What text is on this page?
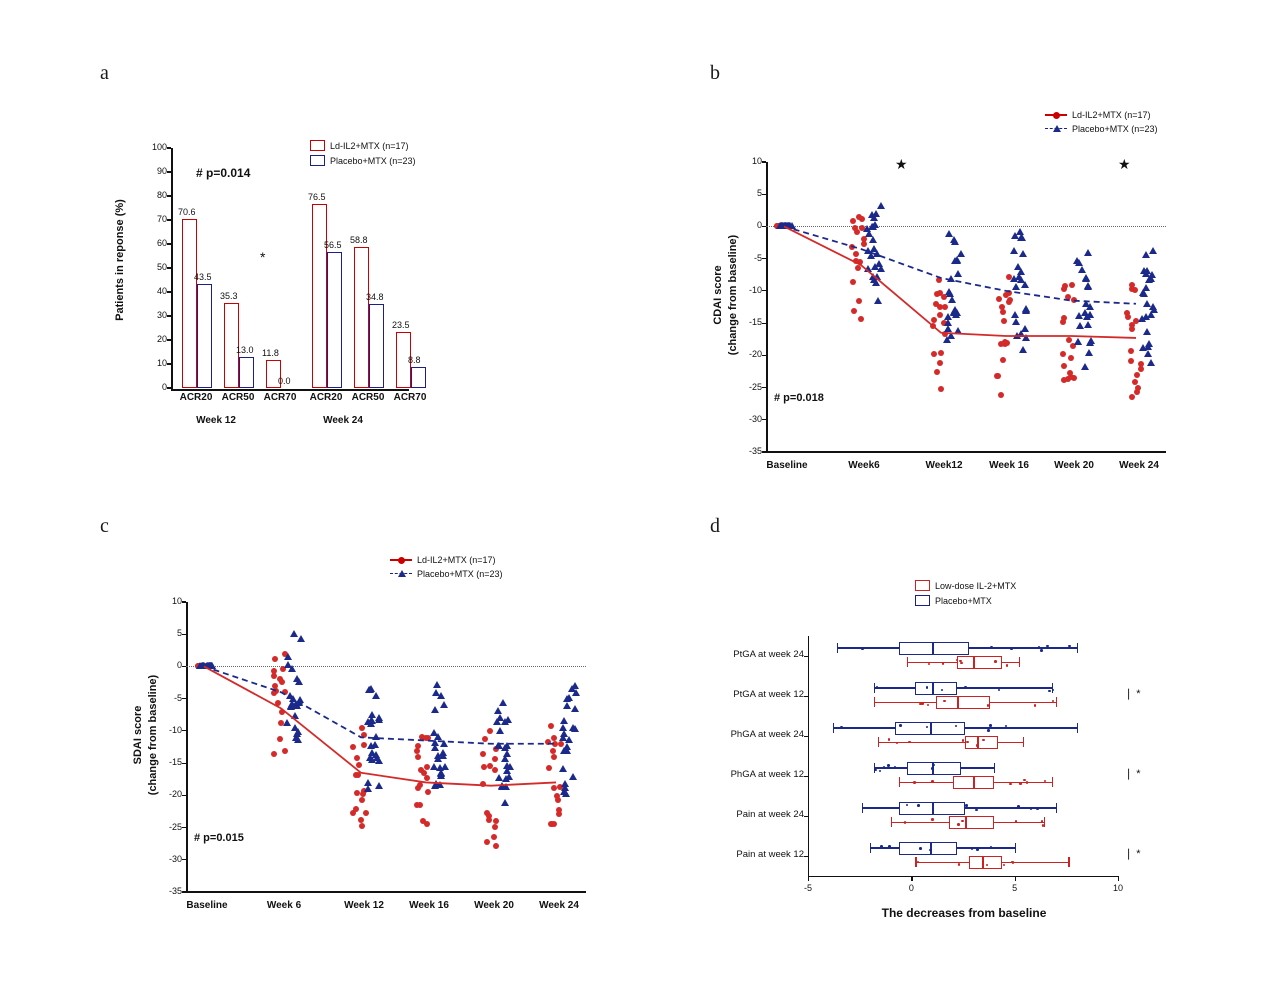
a	b
c	d
0
10
20
30
40
50
60
70
80
90
100
Patients in reponse (%)
# p=0.014
70.6
43.5
35.3
13.0 11.8
0.0
76.5
56.5
58.8
34.8
23.5
8.8
*
ACR20 ACR50 ACR70	ACR20 ACR50 ACR70
Week 12	Week 24
Ld-IL2+MTX (n=17)
Placebo+MTX (n=23)	10
5
0
-5
-10
-15
-20
-25
-30
-35
CDAI score (change from baseline)
Baseline	Week6	Week12	Week 16	Week 20	Week 24
# p=0.018
Ld-IL2+MTX (n=17)
Placebo+MTX (n=23)
★	★
10
5
0
-5
-10
-15
-20
-25
-30
-35
SDAI score (change from baseline)
Baseline	Week 6	Week 12	Week 16	Week 20	Week 24
# p=0.015
Ld-IL2+MTX (n=17)
Placebo+MTX (n=23)
Low-dose IL-2+MTX
Placebo+MTX
PtGA at week 24
PtGA at week 12	❘ *
PhGA at week 24
PhGA at week 12	❘ *
Pain at week 24
Pain at week 12	❘ *
-5	0	5	10
The decreases from baseline
